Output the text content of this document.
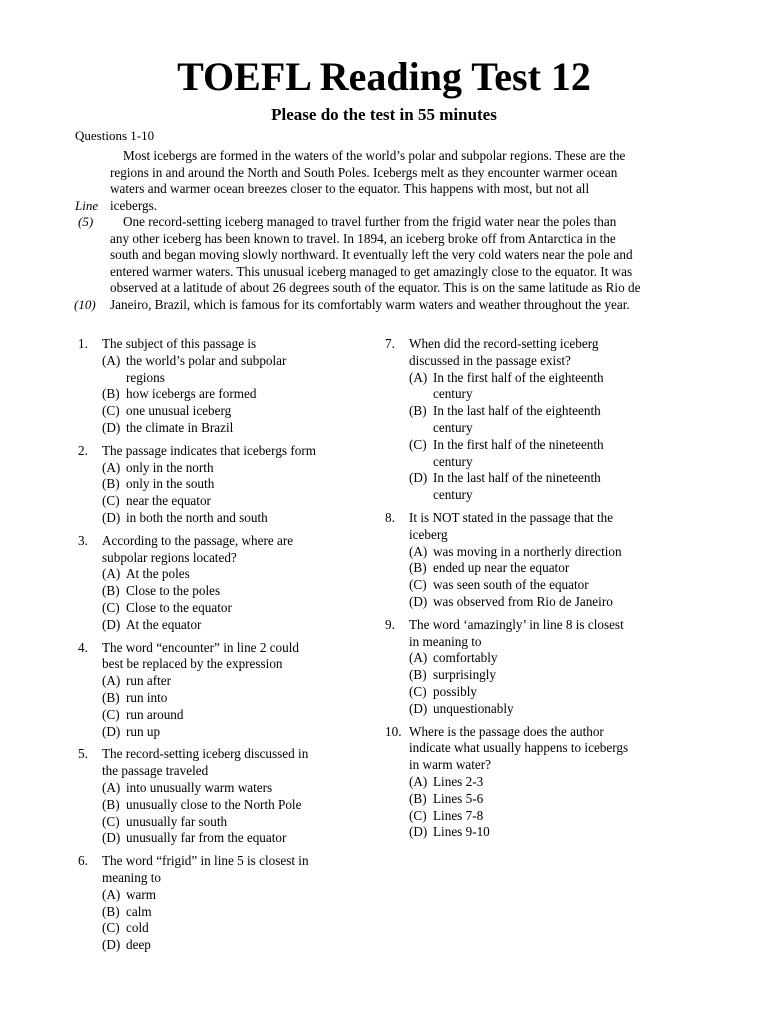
TOEFL Reading Test 12
Please do the test in 55 minutes
Questions 1-10
Line
(5)
(10)
Most icebergs are formed in the waters of the world’s polar and subpolar regions. These are the
regions in and around the North and South Poles. Icebergs melt as they encounter warmer ocean
waters and warmer ocean breezes closer to the equator. This happens with most, but not all
icebergs.
One record-setting iceberg managed to travel further from the frigid water near the poles than
any other iceberg has been known to travel. In 1894, an iceberg broke off from Antarctica in the
south and began moving slowly northward. It eventually left the very cold waters near the pole and
entered warmer waters. This unusual iceberg managed to get amazingly close to the equator. It was
observed at a latitude of about 26 degrees south of the equator. This is on the same latitude as Rio de
Janeiro, Brazil, which is famous for its comfortably warm waters and weather throughout the year.
1.	The subject of this passage is
(A) the world’s polar and subpolar
regions
(B) how icebergs are formed
(C) one unusual iceberg
(D) the climate in Brazil
2.	The passage indicates that icebergs form
(A) only in the north
(B) only in the south
(C) near the equator
(D) in both the north and south
3.	According to the passage, where are
subpolar regions located?
(A) At the poles
(B) Close to the poles
(C) Close to the equator
(D) At the equator
4.	The word “encounter” in line 2 could
best be replaced by the expression
(A) run after
(B) run into
(C) run around
(D) run up
5.	The record-setting iceberg discussed in
the passage traveled
(A) into unusually warm waters
(B) unusually close to the North Pole
(C) unusually far south
(D) unusually far from the equator
6.	The word “frigid” in line 5 is closest in
meaning to
(A) warm
(B) calm
(C) cold
(D) deep
7.	When did the record-setting iceberg
discussed in the passage exist?
(A) In the first half of the eighteenth
century
(B) In the last half of the eighteenth
century
(C) In the first half of the nineteenth
century
(D) In the last half of the nineteenth
century
8.	It is NOT stated in the passage that the
iceberg
(A) was moving in a northerly direction
(B) ended up near the equator
(C) was seen south of the equator
(D) was observed from Rio de Janeiro
9.	The word ‘amazingly’ in line 8 is closest
in meaning to
(A) comfortably
(B) surprisingly
(C) possibly
(D) unquestionably
10. Where is the passage does the author
indicate what usually happens to icebergs
in warm water?
(A) Lines 2-3
(B) Lines 5-6
(C) Lines 7-8
(D) Lines 9-10
